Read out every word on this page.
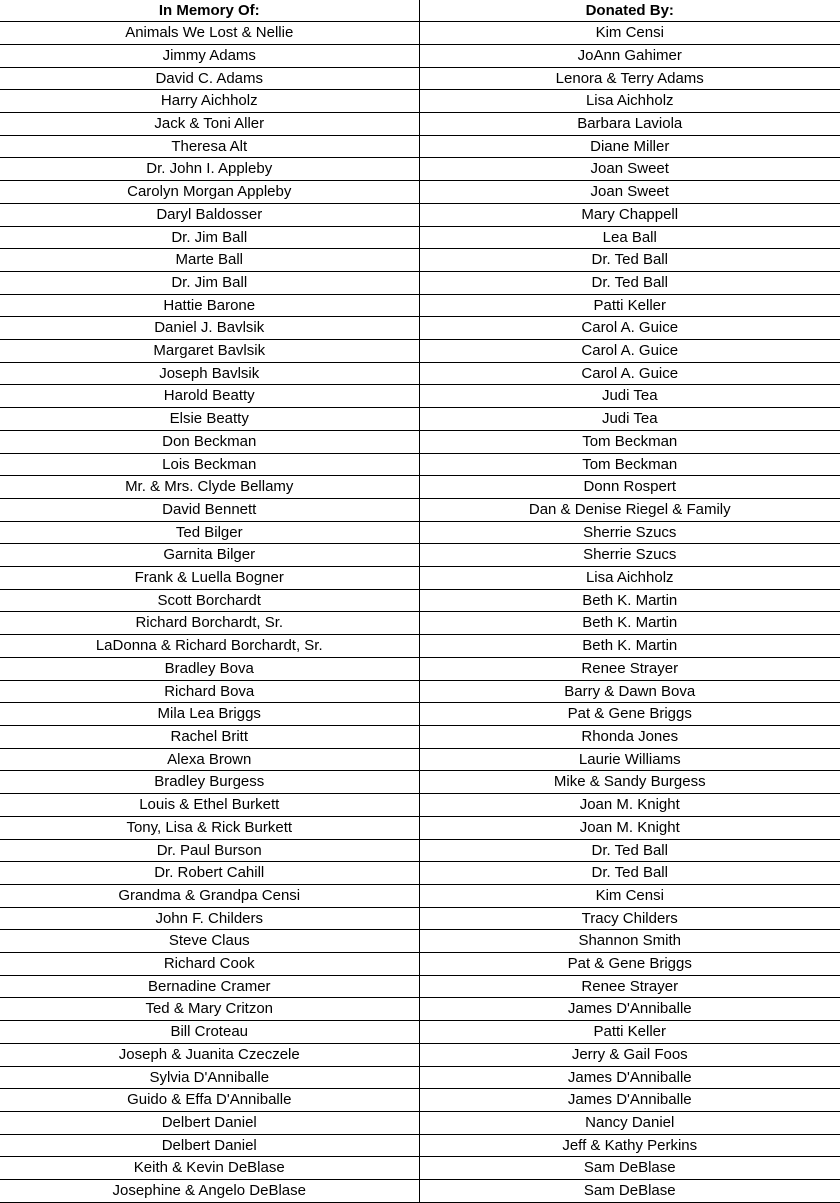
In Memory Of:	Donated By:
Animals We Lost & Nellie	Kim Censi
Jimmy Adams	JoAnn Gahimer
David C. Adams	Lenora & Terry Adams
Harry Aichholz	Lisa Aichholz
Jack & Toni Aller	Barbara Laviola
Theresa Alt	Diane Miller
Dr. John I. Appleby	Joan Sweet
Carolyn Morgan Appleby	Joan Sweet
Daryl Baldosser	Mary Chappell
Dr. Jim Ball	Lea Ball
Marte Ball	Dr. Ted Ball
Dr. Jim Ball	Dr. Ted Ball
Hattie Barone	Patti Keller
Daniel J. Bavlsik	Carol A. Guice
Margaret Bavlsik	Carol A. Guice
Joseph Bavlsik	Carol A. Guice
Harold Beatty	Judi Tea
Elsie Beatty	Judi Tea
Don Beckman	Tom Beckman
Lois Beckman	Tom Beckman
Mr. & Mrs. Clyde Bellamy	Donn Rospert
David Bennett	Dan & Denise Riegel & Family
Ted Bilger	Sherrie Szucs
Garnita Bilger	Sherrie Szucs
Frank & Luella Bogner	Lisa Aichholz
Scott Borchardt	Beth K. Martin
Richard Borchardt, Sr.	Beth K. Martin
LaDonna & Richard Borchardt, Sr.	Beth K. Martin
Bradley Bova	Renee Strayer
Richard Bova	Barry & Dawn Bova
Mila Lea Briggs	Pat & Gene Briggs
Rachel Britt	Rhonda Jones
Alexa Brown	Laurie Williams
Bradley Burgess	Mike & Sandy Burgess
Louis & Ethel Burkett	Joan M. Knight
Tony, Lisa & Rick Burkett	Joan M. Knight
Dr. Paul Burson	Dr. Ted Ball
Dr. Robert Cahill	Dr. Ted Ball
Grandma & Grandpa Censi	Kim Censi
John F. Childers	Tracy Childers
Steve Claus	Shannon Smith
Richard Cook	Pat & Gene Briggs
Bernadine Cramer	Renee Strayer
Ted & Mary Critzon	James D'Anniballe
Bill Croteau	Patti Keller
Joseph & Juanita Czeczele	Jerry & Gail Foos
Sylvia D'Anniballe	James D'Anniballe
Guido & Effa D'Anniballe	James D'Anniballe
Delbert Daniel	Nancy Daniel
Delbert Daniel	Jeff & Kathy Perkins
Keith & Kevin DeBlase	Sam DeBlase
Josephine & Angelo DeBlase	Sam DeBlase
